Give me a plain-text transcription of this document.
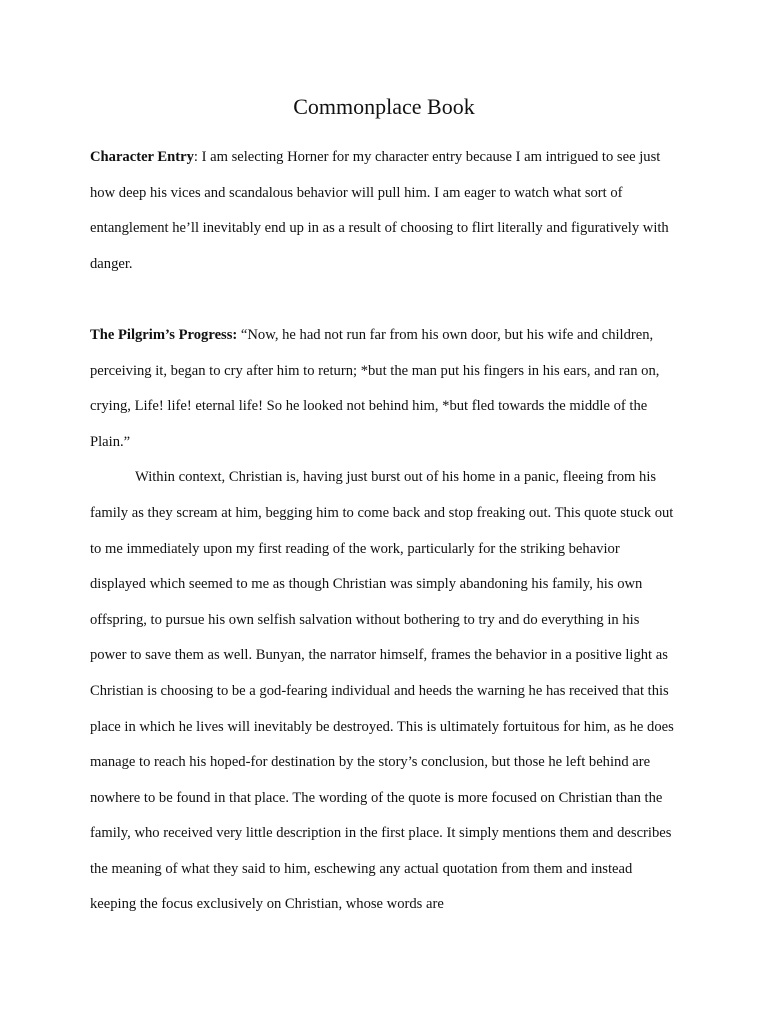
Commonplace Book

Character Entry: I am selecting Horner for my character entry because I am intrigued to see just how deep his vices and scandalous behavior will pull him. I am eager to watch what sort of entanglement he’ll inevitably end up in as a result of choosing to flirt literally and figuratively with danger.

The Pilgrim’s Progress: “Now, he had not run far from his own door, but his wife and children, perceiving it, began to cry after him to return; *but the man put his fingers in his ears, and ran on, crying, Life! life! eternal life! So he looked not behind him, *but fled towards the middle of the Plain.”

Within context, Christian is, having just burst out of his home in a panic, fleeing from his family as they scream at him, begging him to come back and stop freaking out. This quote stuck out to me immediately upon my first reading of the work, particularly for the striking behavior displayed which seemed to me as though Christian was simply abandoning his family, his own offspring, to pursue his own selfish salvation without bothering to try and do everything in his power to save them as well. Bunyan, the narrator himself, frames the behavior in a positive light as Christian is choosing to be a god-fearing individual and heeds the warning he has received that this place in which he lives will inevitably be destroyed. This is ultimately fortuitous for him, as he does manage to reach his hoped-for destination by the story’s conclusion, but those he left behind are nowhere to be found in that place. The wording of the quote is more focused on Christian than the family, who received very little description in the first place. It simply mentions them and describes the meaning of what they said to him, eschewing any actual quotation from them and instead keeping the focus exclusively on Christian, whose words are
